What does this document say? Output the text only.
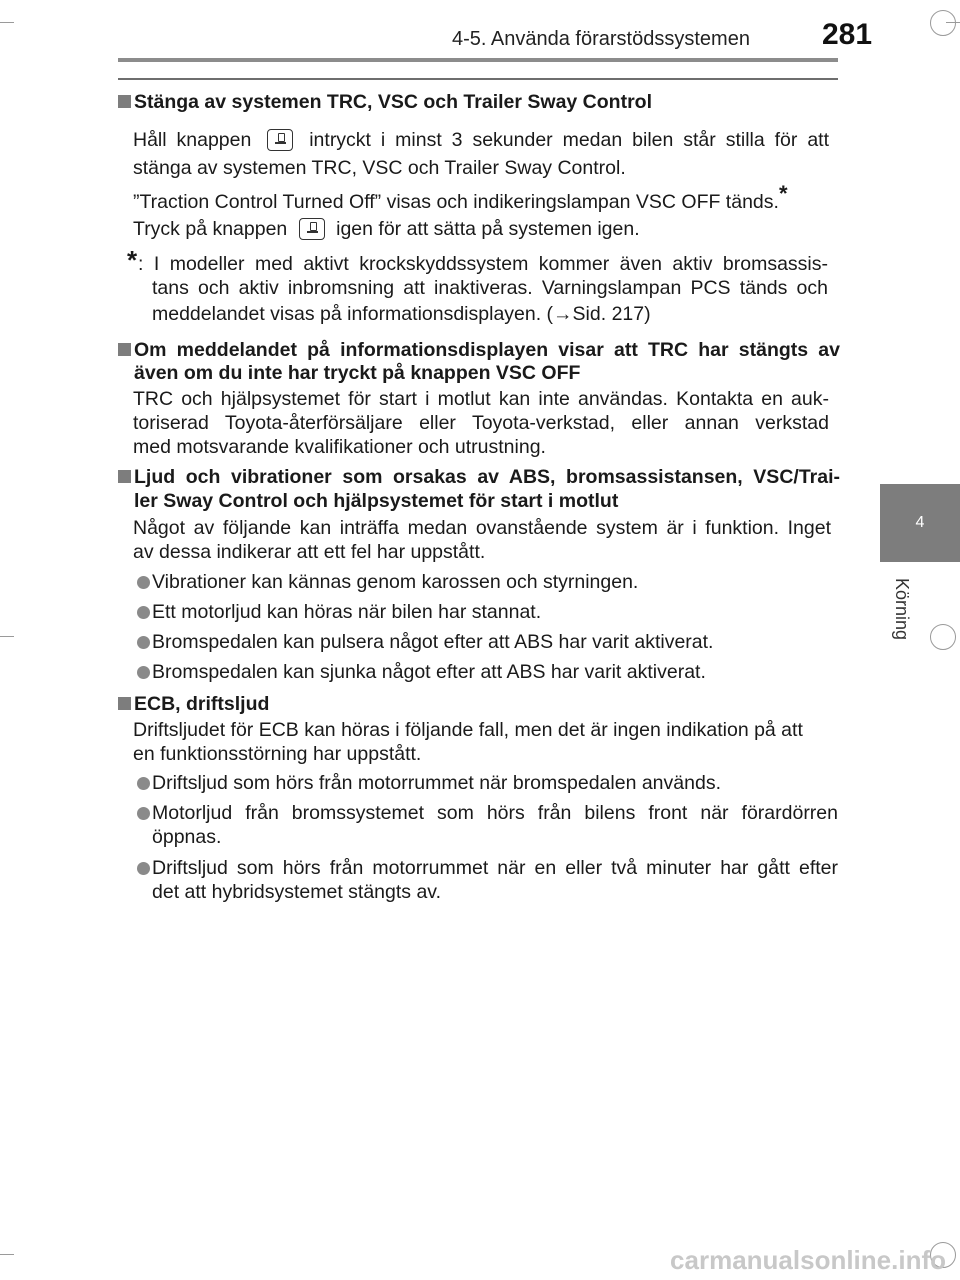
4-5. Använda förarstödssystemen 281
4
Körning
Stänga av systemen TRC, VSC och Trailer Sway Control
Håll knappen	intryckt i minst 3 sekunder medan bilen står stilla för att
stänga av systemen TRC, VSC och Trailer Sway Control.
”Traction Control Turned Off” visas och indikeringslampan VSC OFF tänds.*
Tryck på knappen	igen för att sätta på systemen igen.
* : I modeller med aktivt krockskyddssystem kommer även aktiv bromsassis-
tans och aktiv inbromsning att inaktiveras. Varningslampan PCS tänds och
meddelandet visas på informationsdisplayen. (→Sid. 217)
Om meddelandet på informationsdisplayen visar att TRC har stängts av
även om du inte har tryckt på knappen VSC OFF
TRC och hjälpsystemet för start i motlut kan inte användas. Kontakta en auk-
toriserad Toyota-återförsäljare eller Toyota-verkstad, eller annan verkstad
med motsvarande kvalifikationer och utrustning.
Ljud och vibrationer som orsakas av ABS, bromsassistansen, VSC/Trai-
ler Sway Control och hjälpsystemet för start i motlut
Något av följande kan inträffa medan ovanstående system är i funktion. Inget
av dessa indikerar att ett fel har uppstått.
Vibrationer kan kännas genom karossen och styrningen.
Ett motorljud kan höras när bilen har stannat.
Bromspedalen kan pulsera något efter att ABS har varit aktiverat.
Bromspedalen kan sjunka något efter att ABS har varit aktiverat.
ECB, driftsljud
Driftsljudet för ECB kan höras i följande fall, men det är ingen indikation på att
en funktionsstörning har uppstått.
Driftsljud som hörs från motorrummet när bromspedalen används.
Motorljud från bromssystemet som hörs från bilens front när förardörren
öppnas.
Driftsljud som hörs från motorrummet när en eller två minuter har gått efter
det att hybridsystemet stängts av.
carmanualsonline.info
